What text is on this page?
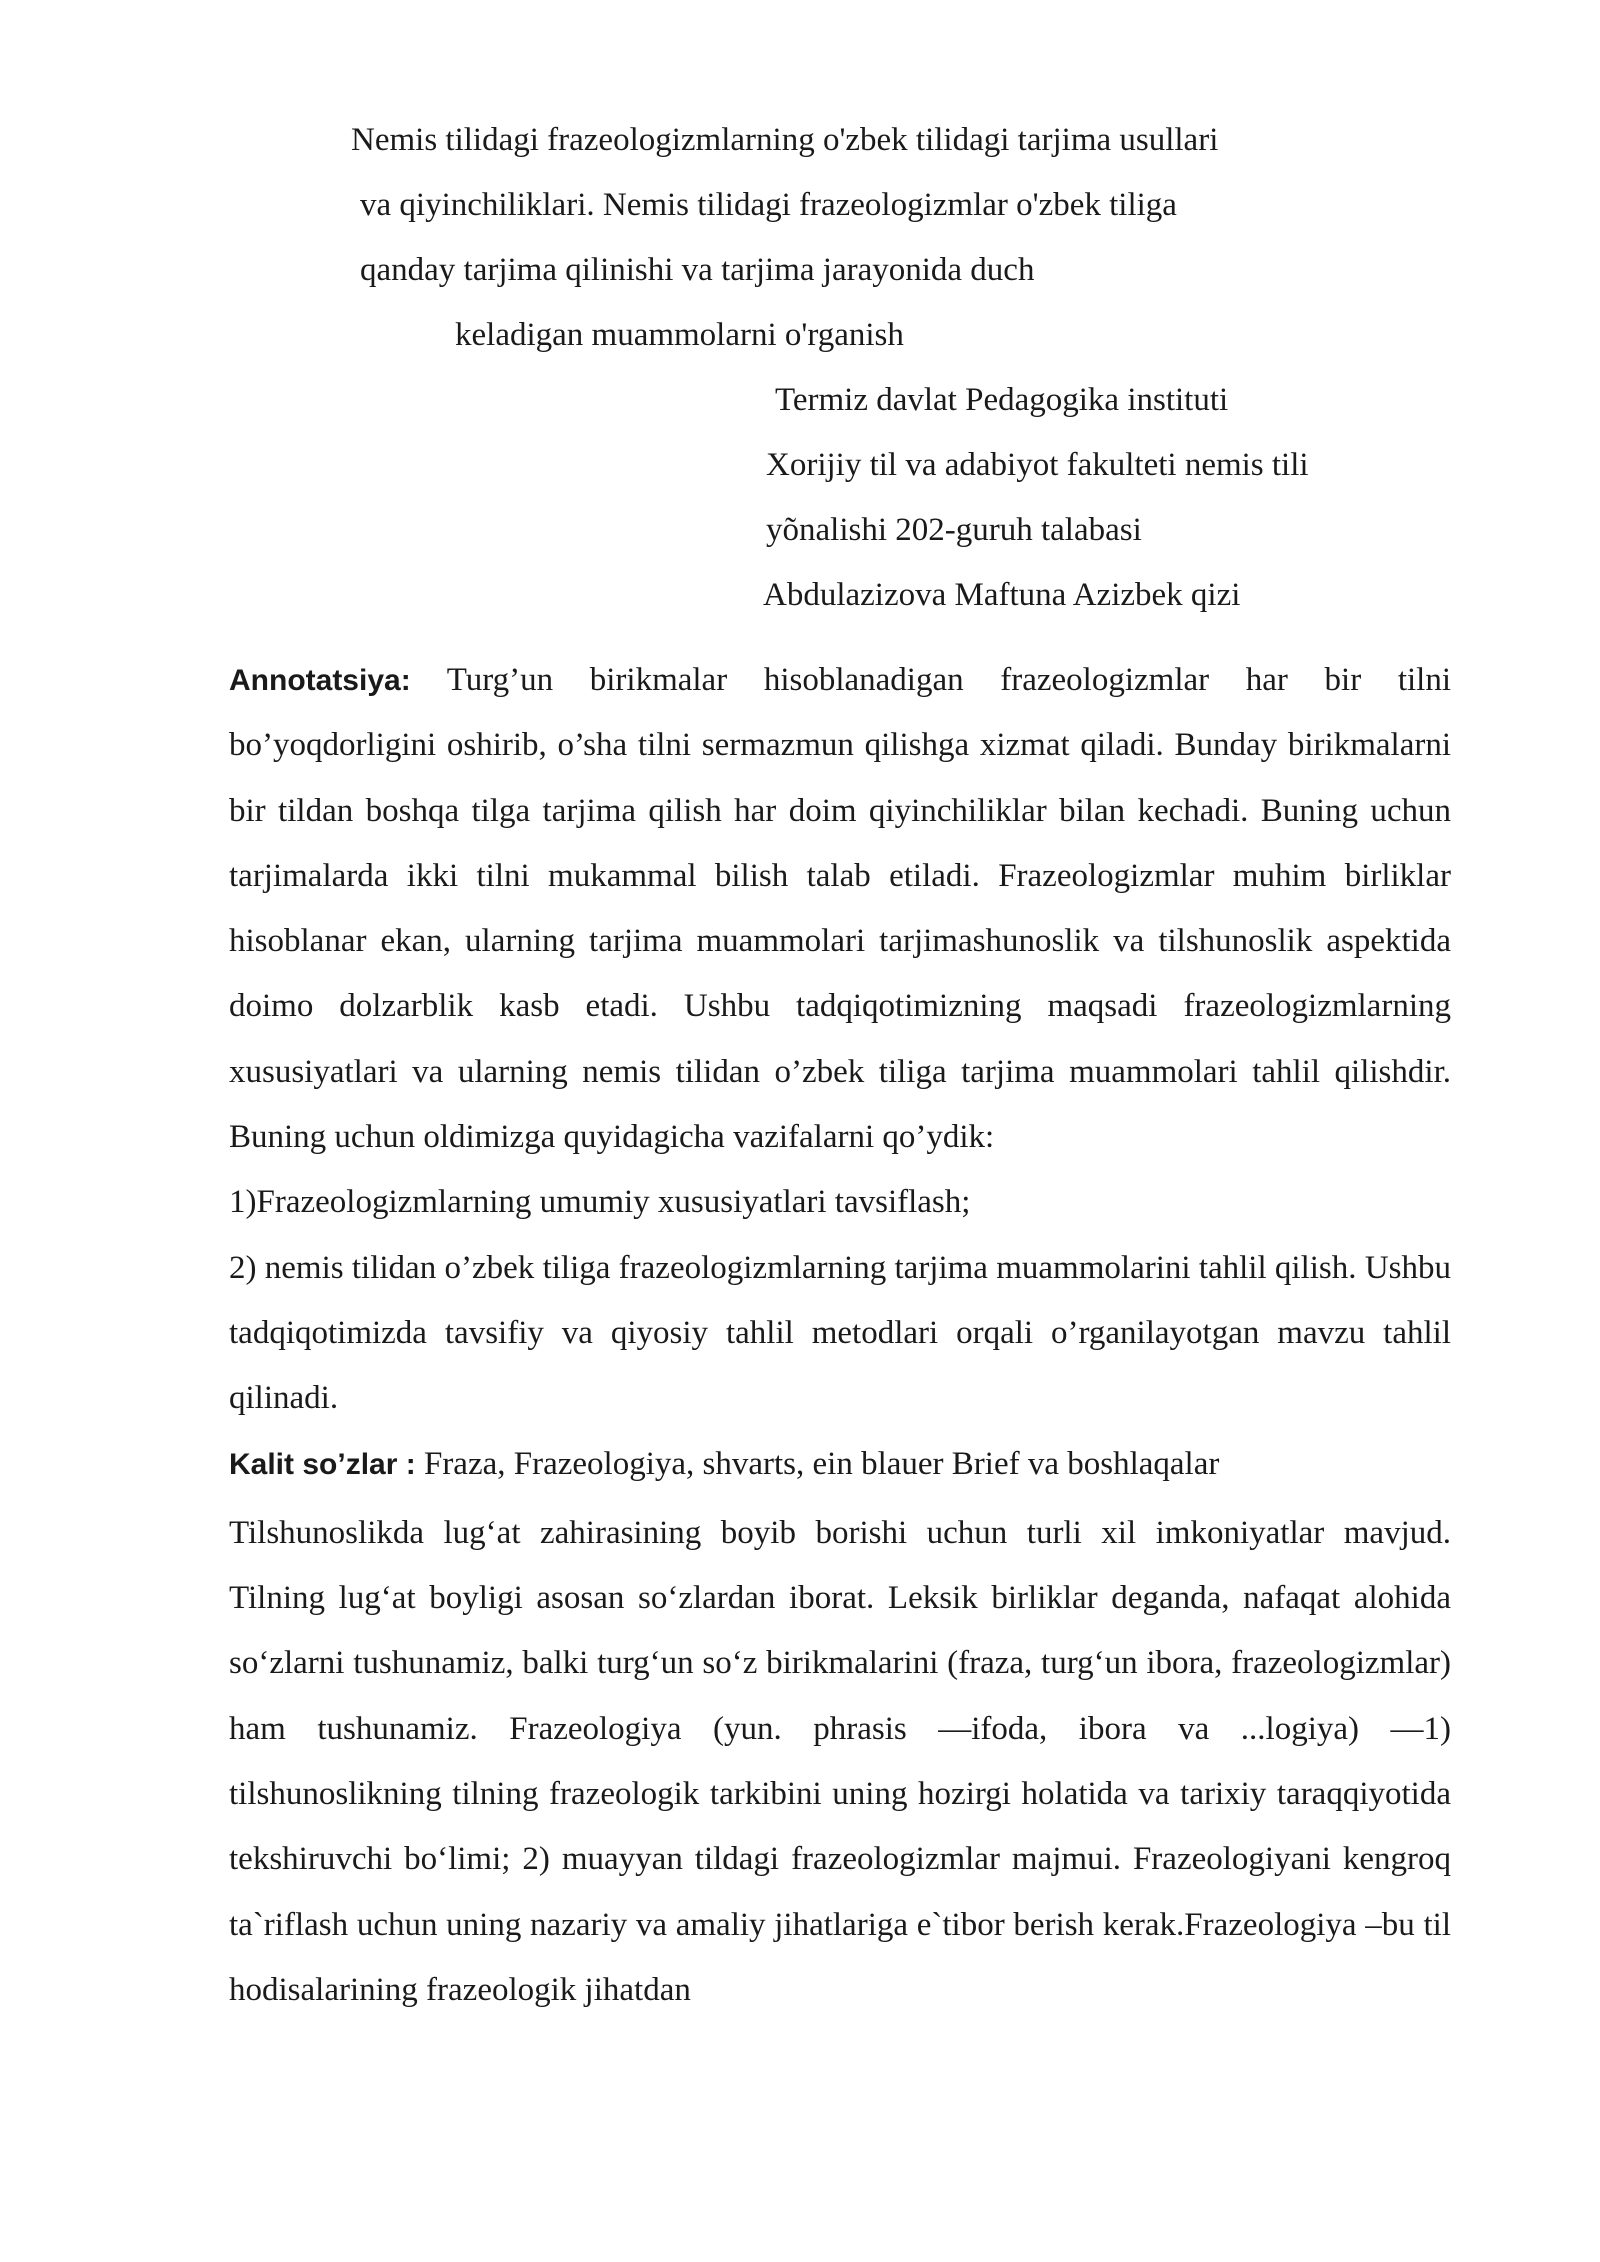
Nemis tilidagi frazeologizmlarning o'zbek tilidagi tarjima usullari
va qiyinchiliklari. Nemis tilidagi frazeologizmlar o'zbek tiliga
qanday tarjima qilinishi va tarjima jarayonida duch
keladigan muammolarni o'rganish
Termiz davlat Pedagogika instituti
Xorijiy til va adabiyot fakulteti nemis tili
yõnalishi 202-guruh talabasi
Abdulazizova Maftuna Azizbek qizi

Annotatsiya: Turg’un birikmalar hisoblanadigan frazeologizmlar har bir tilni bo’yoqdorligini oshirib, o’sha tilni sermazmun qilishga xizmat qiladi. Bunday birikmalarni bir tildan boshqa tilga tarjima qilish har doim qiyinchiliklar bilan kechadi. Buning uchun tarjimalarda ikki tilni mukammal bilish talab etiladi. Frazeologizmlar muhim birliklar hisoblanar ekan, ularning tarjima muammolari tarjimashunoslik va tilshunoslik aspektida doimo dolzarblik kasb etadi. Ushbu tadqiqotimizning maqsadi frazeologizmlarning xususiyatlari va ularning nemis tilidan o’zbek tiliga tarjima muammolari tahlil qilishdir. Buning uchun oldimizga quyidagicha vazifalarni qo’ydik:

1)Frazeologizmlarning umumiy xususiyatlari tavsiflash;

2) nemis tilidan o’zbek tiliga frazeologizmlarning tarjima muammolarini tahlil qilish. Ushbu tadqiqotimizda tavsifiy va qiyosiy tahlil metodlari orqali o’rganilayotgan mavzu tahlil qilinadi.

Kalit so’zlar : Fraza, Frazeologiya, shvarts, ein blauer Brief va boshlaqalar

Tilshunoslikda lug‘at zahirasining boyib borishi uchun turli xil imkoniyatlar mavjud. Tilning lug‘at boyligi asosan so‘zlardan iborat. Leksik birliklar deganda, nafaqat alohida so‘zlarni tushunamiz, balki turg‘un so‘z birikmalarini (fraza, turg‘un ibora, frazeologizmlar) ham tushunamiz. Frazeologiya (yun. phrasis —ifoda, ibora va ...logiya) —1) tilshunoslikning tilning frazeologik tarkibini uning hozirgi holatida va tarixiy taraqqiyotida tekshiruvchi bo‘limi; 2) muayyan tildagi frazeologizmlar majmui. Frazeologiyani kengroq ta`riflash uchun uning nazariy va amaliy jihatlariga e`tibor berish kerak.Frazeologiya –bu til hodisalarining frazeologik jihatdan
